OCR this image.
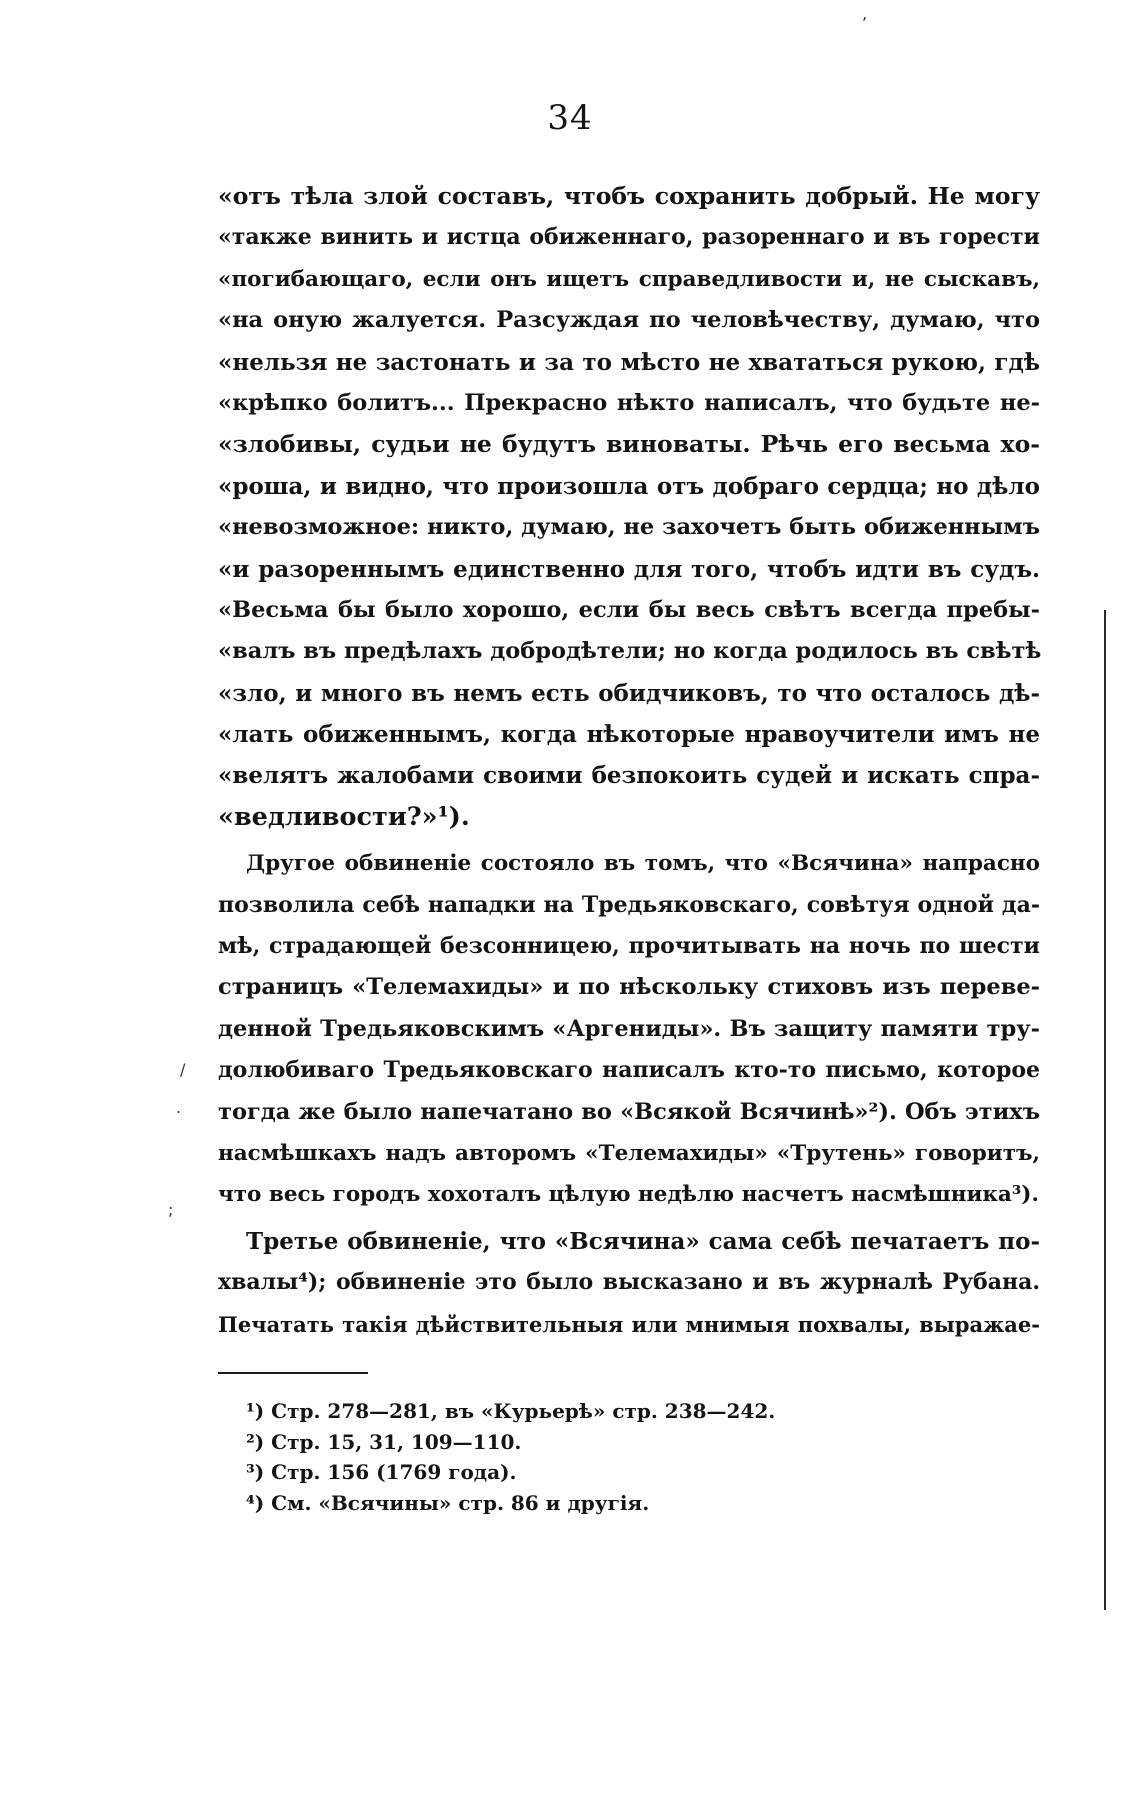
34
«отъ тѣла злой составъ, чтобъ сохранить добрый. Не могу
«также винить и истца обиженнаго, разореннаго и въ горести
«погибающаго, если онъ ищетъ справедливости и, не сыскавъ,
«на оную жалуется. Разсуждая по человѣчеству, думаю, что
«нельзя не застонать и за то мѣсто не хвататься рукою, гдѣ
«крѣпко болитъ... Прекрасно нѣкто написалъ, что будьте не-
«злобивы, судьи не будутъ виноваты. Рѣчь его весьма хо-
«роша, и видно, что произошла отъ добраго сердца; но дѣло
«невозможное: никто, думаю, не захочетъ быть обиженнымъ
«и разореннымъ единственно для того, чтобъ идти въ судъ.
«Весьма бы было хорошо, если бы весь свѣтъ всегда пребы-
«валъ въ предѣлахъ добродѣтели; но когда родилось въ свѣтѣ
«зло, и много въ немъ есть обидчиковъ, то что осталось дѣ-
«лать обиженнымъ, когда нѣкоторые нравоучители имъ не
«велятъ жалобами своими безпокоить судей и искать спра-
«ведливости?»¹).
Другое обвиненіе состояло въ томъ, что «Всячина» напрасно
позволила себѣ нападки на Тредьяковскаго, совѣтуя одной да-
мѣ, страдающей безсонницею, прочитывать на ночь по шести
страницъ «Телемахиды» и по нѣскольку стиховъ изъ переве-
денной Тредьяковскимъ «Аргениды». Въ защиту памяти тру-
долюбиваго Тредьяковскаго написалъ кто-то письмо, которое
тогда же было напечатано во «Всякой Всячинѣ»²). Объ этихъ
насмѣшкахъ надъ авторомъ «Телемахиды» «Трутень» говоритъ,
что весь городъ хохоталъ цѣлую недѣлю насчетъ насмѣшника³).
Третье обвиненіе, что «Всячина» сама себѣ печатаетъ по-
хвалы⁴); обвиненіе это было высказано и въ журналѣ Рубана.
Печатать такія дѣйствительныя или мнимыя похвалы, выражае-
¹) Стр. 278—281, въ «Курьерѣ» стр. 238—242.
²) Стр. 15, 31, 109—110.
³) Стр. 156 (1769 года).
⁴) См. «Всячины» стр. 86 и другія.
,
/
.
;
